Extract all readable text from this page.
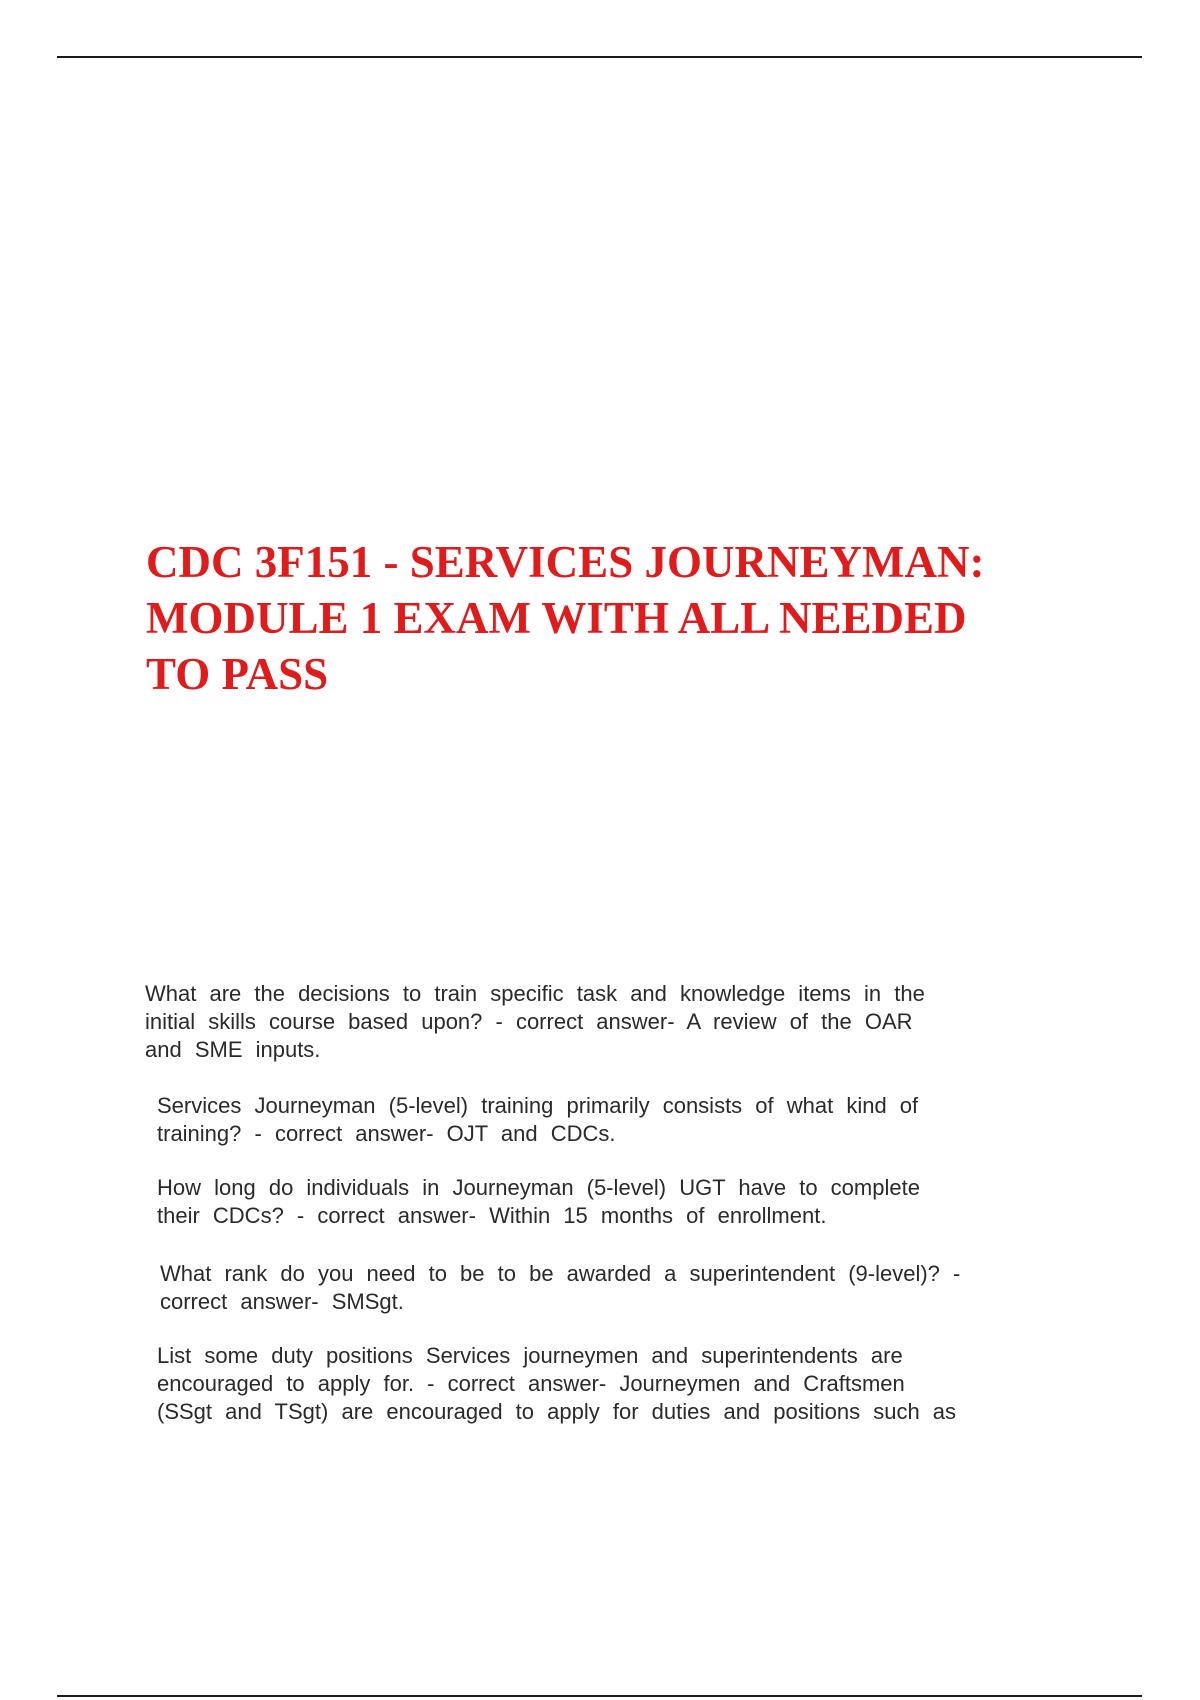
CDC 3F151 - SERVICES JOURNEYMAN:
MODULE 1 EXAM WITH ALL NEEDED
TO PASS

What are the decisions to train specific task and knowledge items in the
initial skills course based upon? - correct answer- A review of the OAR
and SME inputs.

Services Journeyman (5-level) training primarily consists of what kind of
training? - correct answer- OJT and CDCs.

How long do individuals in Journeyman (5-level) UGT have to complete
their CDCs? - correct answer- Within 15 months of enrollment.

What rank do you need to be to be awarded a superintendent (9-level)? -
correct answer- SMSgt.

List some duty positions Services journeymen and superintendents are
encouraged to apply for. - correct answer- Journeymen and Craftsmen
(SSgt and TSgt) are encouraged to apply for duties and positions such as
